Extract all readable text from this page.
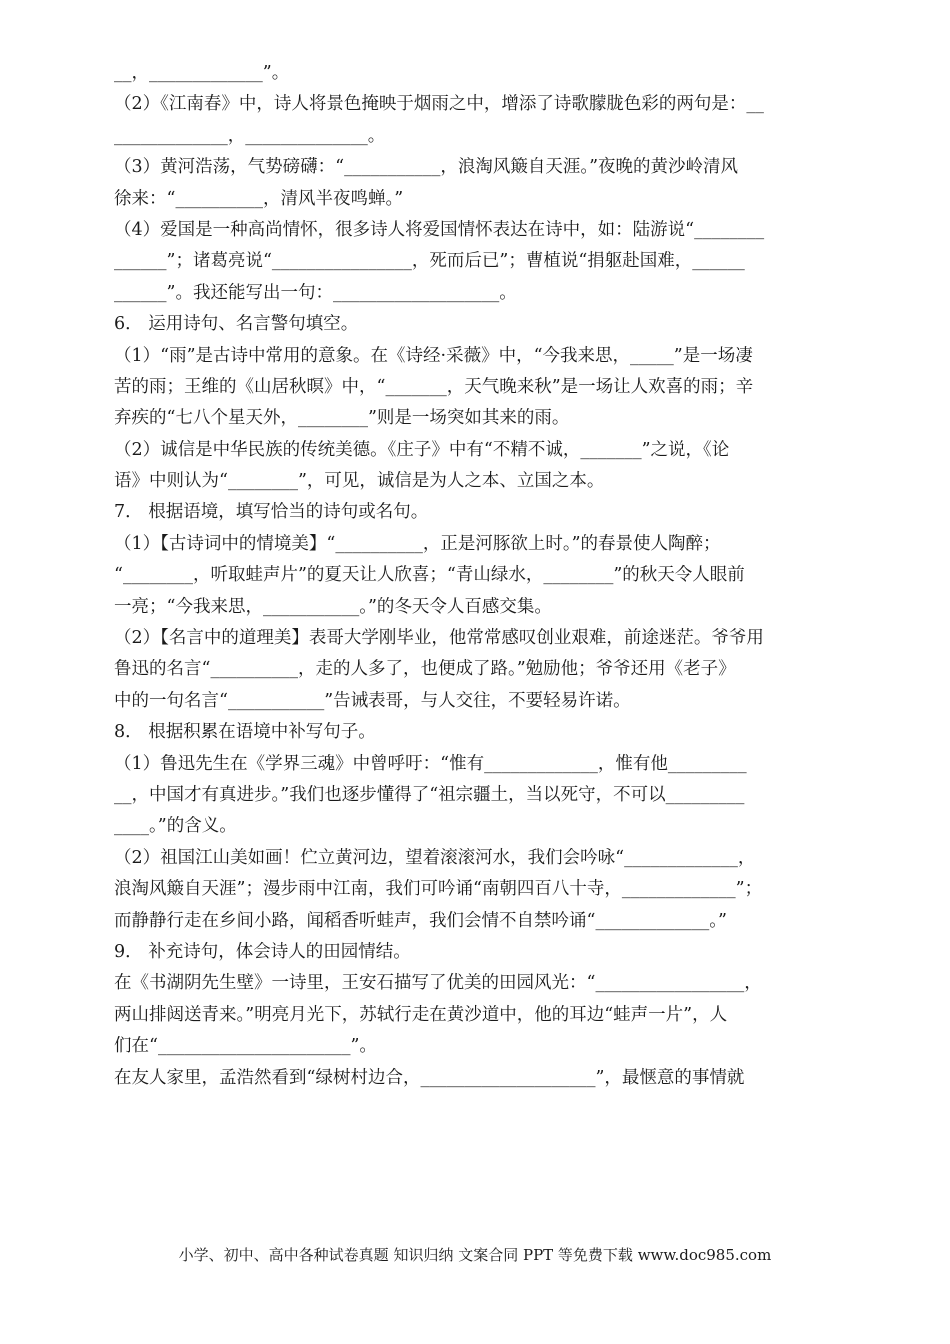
__，_____________”。
（2）《江南春》中，诗人将景色掩映于烟雨之中，增添了诗歌朦胧色彩的两句是：__
_____________，______________。
（3）黄河浩荡，气势磅礴：“___________，浪淘风簸自天涯。”夜晚的黄沙岭清风
徐来：“__________，清风半夜鸣蝉。”
（4）爱国是一种高尚情怀，很多诗人将爱国情怀表达在诗中，如：陆游说“________
______”；诸葛亮说“________________，死而后已”；曹植说“捐躯赴国难，______
______”。我还能写出一句：___________________。
6． 运用诗句、名言警句填空。
（1）“雨”是古诗中常用的意象。在《诗经·采薇》中，“今我来思，_____”是一场凄
苦的雨；王维的《山居秋暝》中，“_______，天气晚来秋”是一场让人欢喜的雨；辛
弃疾的“七八个星天外，________”则是一场突如其来的雨。
（2）诚信是中华民族的传统美德。《庄子》中有“不精不诚，_______”之说，《论
语》中则认为“________”，可见，诚信是为人之本、立国之本。
7． 根据语境，填写恰当的诗句或名句。
（1）【古诗词中的情境美】“__________，正是河豚欲上时。”的春景使人陶醉；
“________，听取蛙声片”的夏天让人欣喜；“青山绿水，________”的秋天令人眼前
一亮；“今我来思，___________。”的冬天令人百感交集。
（2）【名言中的道理美】表哥大学刚毕业，他常常感叹创业艰难，前途迷茫。爷爷用
鲁迅的名言“__________，走的人多了，也便成了路。”勉励他；爷爷还用《老子》
中的一句名言“___________”告诫表哥，与人交往，不要轻易许诺。
8． 根据积累在语境中补写句子。
（1）鲁迅先生在《学界三魂》中曾呼吁：“惟有_____________，惟有他_________
__，中国才有真进步。”我们也逐步懂得了“祖宗疆土，当以死守，不可以_________
____。”的含义。
（2）祖国江山美如画！伫立黄河边，望着滚滚河水，我们会吟咏“_____________，
浪淘风簸自天涯”；漫步雨中江南，我们可吟诵“南朝四百八十寺，_____________”；
而静静行走在乡间小路，闻稻香听蛙声，我们会情不自禁吟诵“_____________。”
9． 补充诗句，体会诗人的田园情结。
在《书湖阴先生壁》一诗里，王安石描写了优美的田园风光：“_________________，
两山排闼送青来。”明亮月光下，苏轼行走在黄沙道中，他的耳边“蛙声一片”，人
们在“______________________”。
在友人家里，孟浩然看到“绿树村边合，____________________”，最惬意的事情就
小学、初中、高中各种试卷真题 知识归纳 文案合同 PPT 等免费下载 www.doc985.com
